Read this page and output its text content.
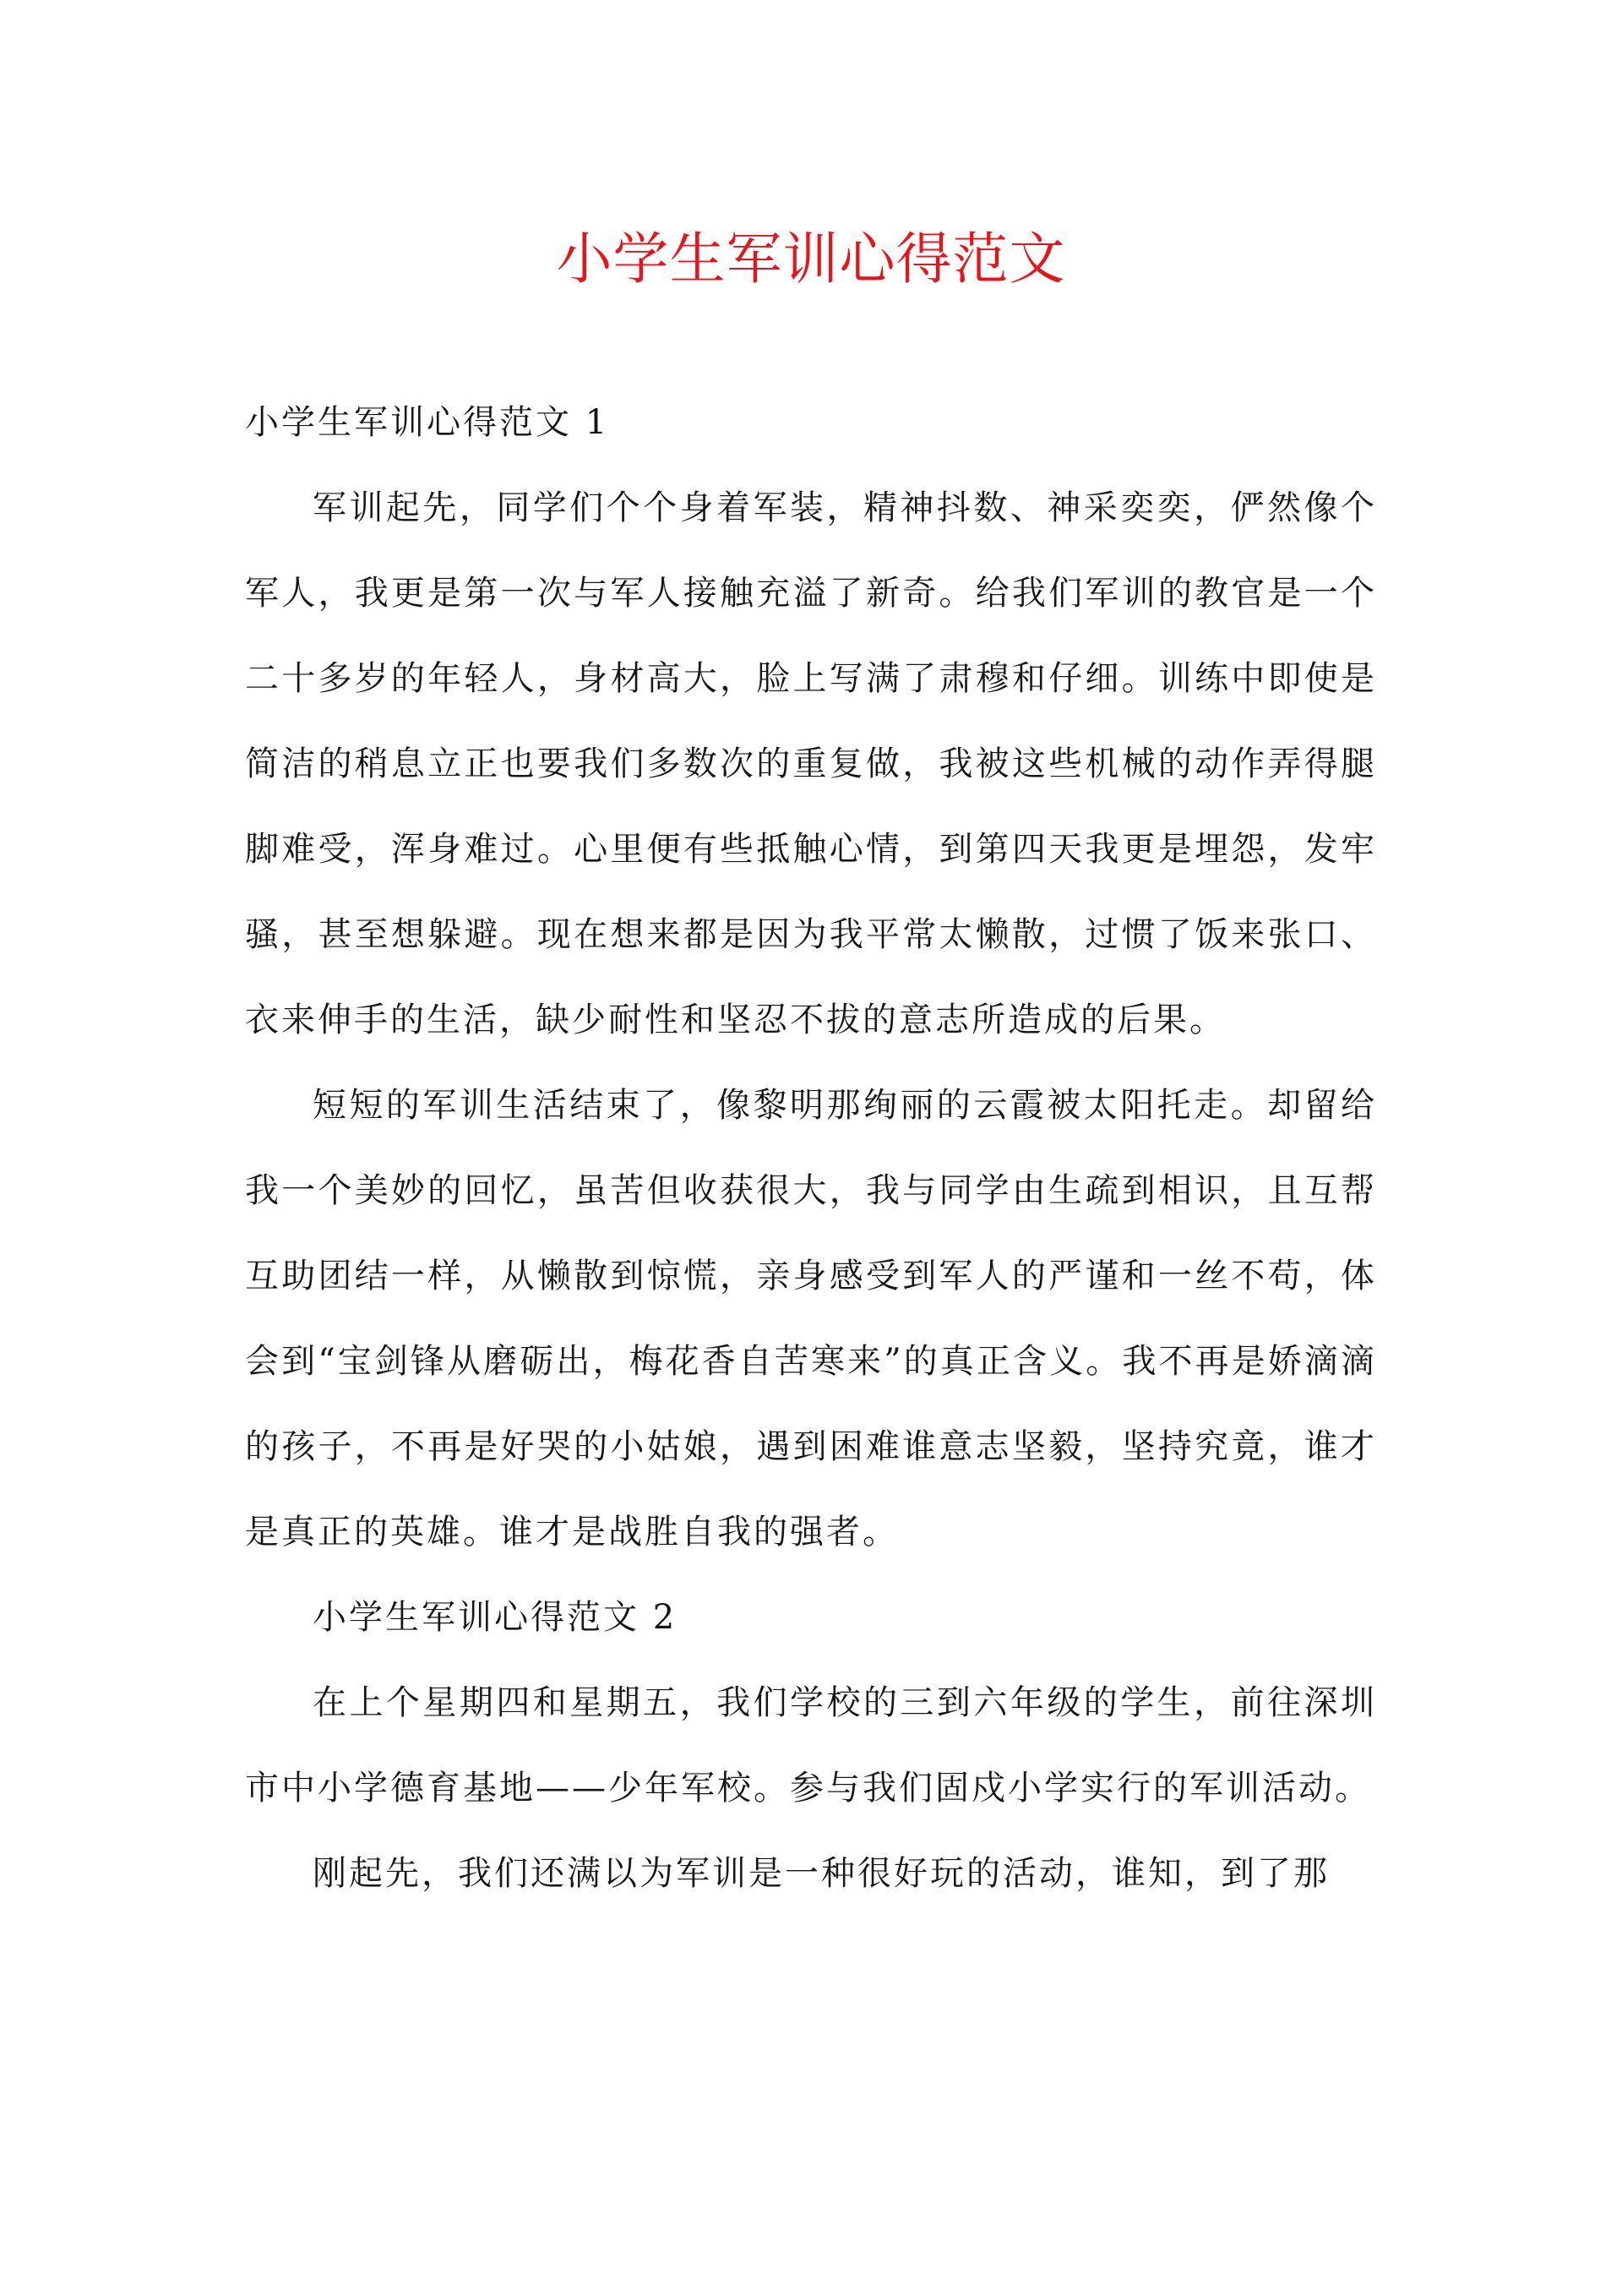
小学生军训心得范文

小学生军训心得范文 1

军训起先，同学们个个身着军装，精神抖数、神采奕奕，俨然像个军人，我更是第一次与军人接触充溢了新奇。给我们军训的教官是一个二十多岁的年轻人，身材高大，脸上写满了肃穆和仔细。训练中即使是简洁的稍息立正也要我们多数次的重复做，我被这些机械的动作弄得腿脚难受，浑身难过。心里便有些抵触心情，到第四天我更是埋怨，发牢骚，甚至想躲避。现在想来都是因为我平常太懒散，过惯了饭来张口、衣来伸手的生活，缺少耐性和坚忍不拔的意志所造成的后果。

短短的军训生活结束了，像黎明那绚丽的云霞被太阳托走。却留给我一个美妙的回忆，虽苦但收获很大，我与同学由生疏到相识，且互帮互助团结一样，从懒散到惊慌，亲身感受到军人的严谨和一丝不苟，体会到“宝剑锋从磨砺出，梅花香自苦寒来”的真正含义。我不再是娇滴滴的孩子，不再是好哭的小姑娘，遇到困难谁意志坚毅，坚持究竟，谁才是真正的英雄。谁才是战胜自我的强者。

小学生军训心得范文 2

在上个星期四和星期五，我们学校的三到六年级的学生，前往深圳市中小学德育基地——少年军校。参与我们固戍小学实行的军训活动。

刚起先，我们还满以为军训是一种很好玩的活动，谁知，到了那
